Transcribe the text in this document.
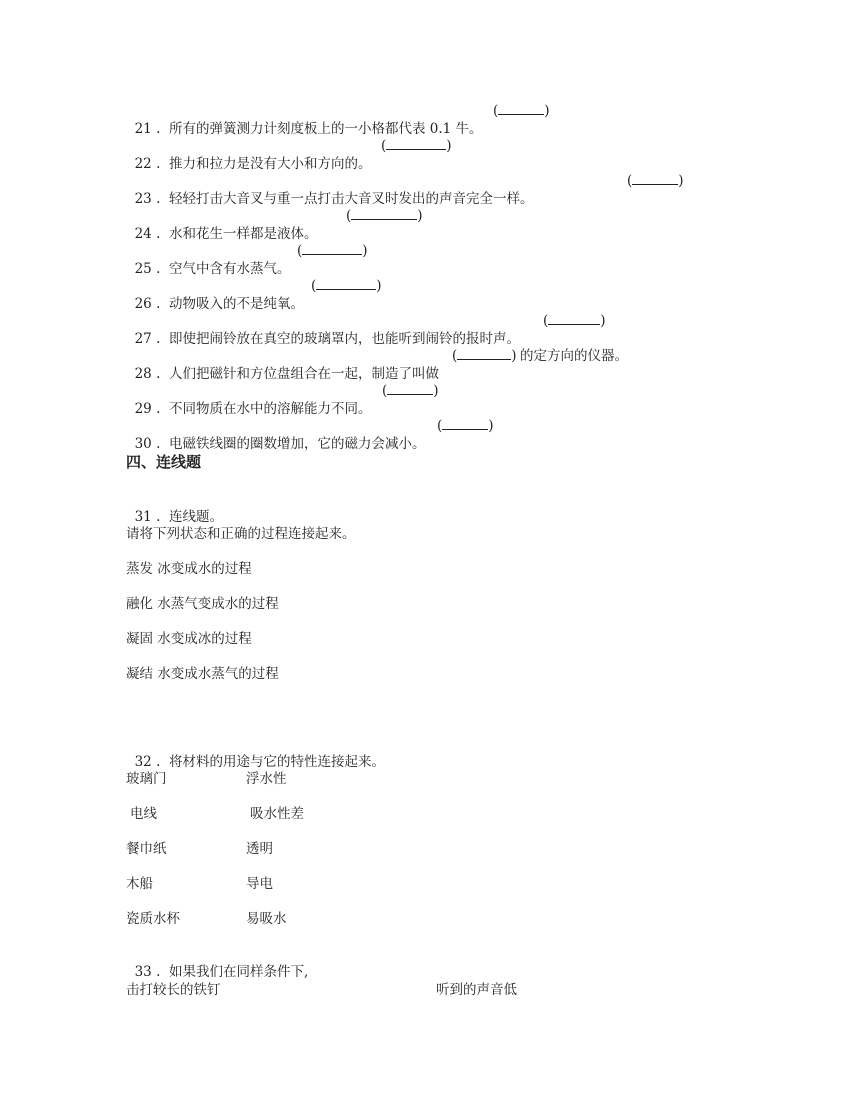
21 . 所有的弹簧测力计刻度板上的一小格都代表 0.1 牛。

(	)

22 . 推力和拉力是没有大小和方向的。

(	)

23 . 轻轻打击大音叉与重一点打击大音叉时发出的声音完全一样。

(	)

24 . 水和花生一样都是液体。

(	)

25 . 空气中含有水蒸气。

(	)

26 . 动物吸入的不是纯氧。

(	)

27 . 即使把闹铃放在真空的玻璃罩内，也能听到闹铃的报时声。

(	)

28 . 人们把磁针和方位盘组合在一起，制造了叫做

(	) 的定方向的仪器。

29 . 不同物质在水中的溶解能力不同。

(	)

30 . 电磁铁线圈的圈数增加，它的磁力会减小。

(	)
四、连线题

31 . 连线题。

请将下列状态和正确的过程连接起来。
蒸发 冰变成水的过程
融化 水蒸气变成水的过程
凝固 水变成冰的过程
凝结 水变成水蒸气的过程

32 . 将材料的用途与它的特性连接起来。

玻璃门	浮水性
电线	吸水性差
餐巾纸	透明
木船	导电
瓷质水杯	易吸水

33 . 如果我们在同样条件下,

击打较长的铁钉	听到的声音低
